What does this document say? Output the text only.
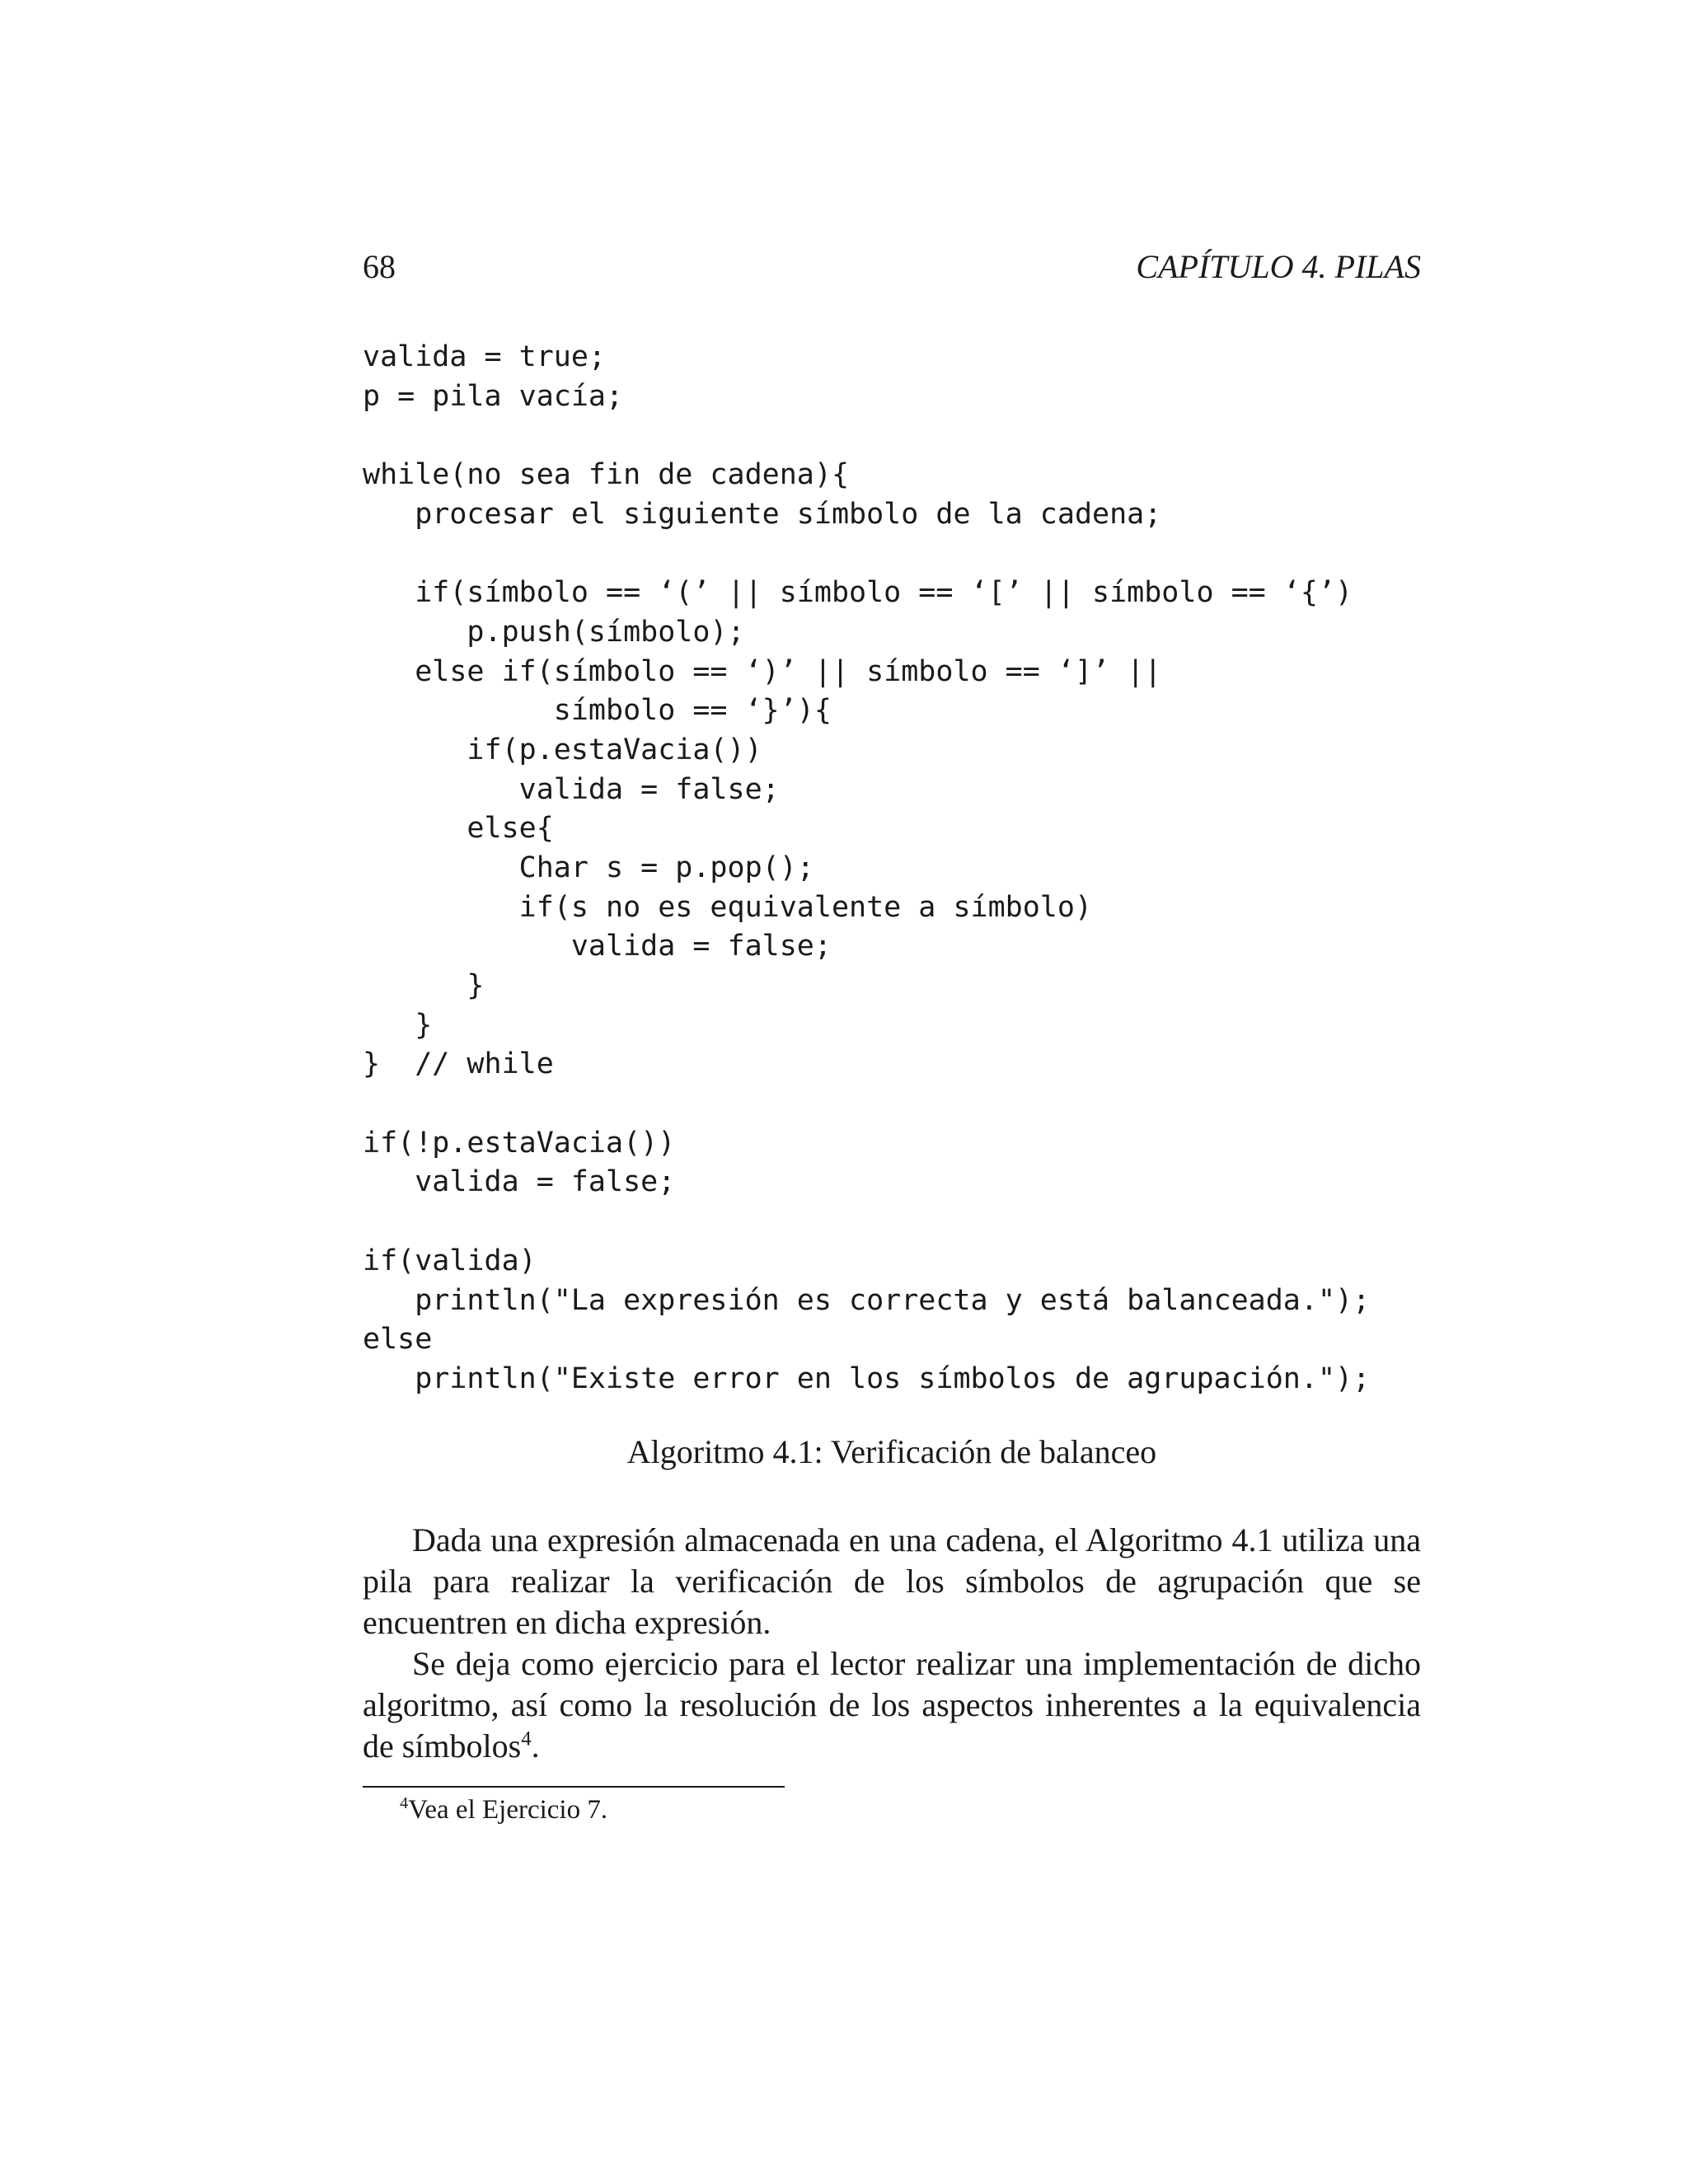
68	CAPÍTULO 4. PILAS
valida = true;
p = pila vacía;
while(no sea fin de cadena){
procesar el siguiente símbolo de la cadena;
if(símbolo == ‘(’ || símbolo == ‘[’ || símbolo == ‘{’)
p.push(símbolo);
else if(símbolo == ‘)’ || símbolo == ‘]’ ||
símbolo == ‘}’){
if(p.estaVacia())
valida = false;
else{
Char s = p.pop();
if(s no es equivalente a símbolo)
valida = false;
}
}
}  // while
if(!p.estaVacia())
valida = false;
if(valida)
println("La expresión es correcta y está balanceada.");
else
println("Existe error en los símbolos de agrupación.");
Algoritmo 4.1: Verificación de balanceo

Dada una expresión almacenada en una cadena, el Algoritmo 4.1 utiliza una pila para realizar la verificación de los símbolos de agrupación que se encuentren en dicha expresión.

Se deja como ejercicio para el lector realizar una implementación de dicho algoritmo, así como la resolución de los aspectos inherentes a la equivalencia de símbolos$^4$.

$^4$Vea el Ejercicio 7.
